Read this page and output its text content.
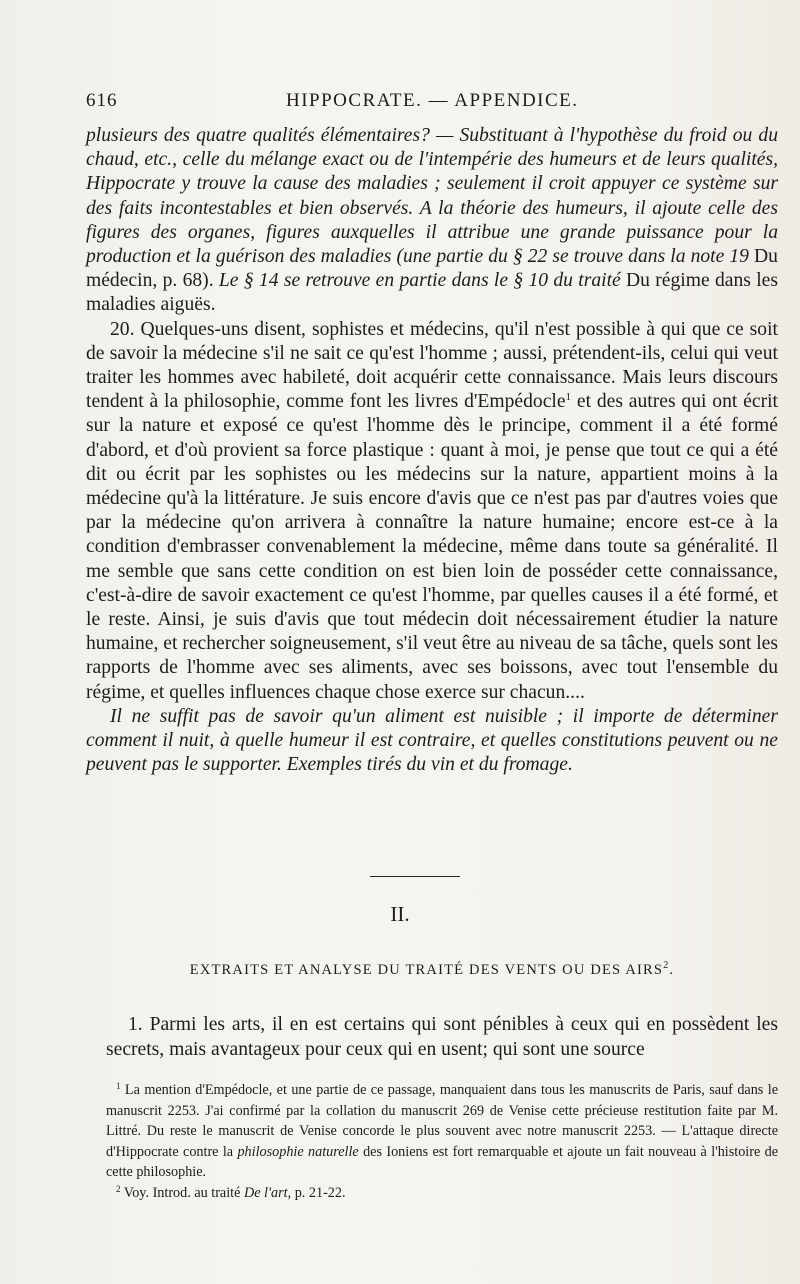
616	HIPPOCRATE. — APPENDICE.

plusieurs des quatre qualités élémentaires? — Substituant à l'hypothèse du froid ou du chaud, etc., celle du mélange exact ou de l'intempérie des humeurs et de leurs qualités, Hippocrate y trouve la cause des maladies ; seulement il croit appuyer ce système sur des faits incontestables et bien observés. A la théorie des humeurs, il ajoute celle des figures des organes, figures auxquelles il attribue une grande puissance pour la production et la guérison des maladies (une partie du § 22 se trouve dans la note 19 Du médecin, p. 68). Le § 14 se retrouve en partie dans le § 10 du traité Du régime dans les maladies aiguës.

20. Quelques-uns disent, sophistes et médecins, qu'il n'est possible à qui que ce soit de savoir la médecine s'il ne sait ce qu'est l'homme ; aussi, prétendent-ils, celui qui veut traiter les hommes avec habileté, doit acquérir cette connaissance. Mais leurs discours tendent à la philosophie, comme font les livres d'Empédocle$^1$ et des autres qui ont écrit sur la nature et exposé ce qu'est l'homme dès le principe, comment il a été formé d'abord, et d'où provient sa force plastique : quant à moi, je pense que tout ce qui a été dit ou écrit par les sophistes ou les médecins sur la nature, appartient moins à la médecine qu'à la littérature. Je suis encore d'avis que ce n'est pas par d'autres voies que par la médecine qu'on arrivera à connaître la nature humaine; encore est-ce à la condition d'embrasser convenablement la médecine, même dans toute sa généralité. Il me semble que sans cette condition on est bien loin de posséder cette connaissance, c'est-à-dire de savoir exactement ce qu'est l'homme, par quelles causes il a été formé, et le reste. Ainsi, je suis d'avis que tout médecin doit nécessairement étudier la nature humaine, et rechercher soigneusement, s'il veut être au niveau de sa tâche, quels sont les rapports de l'homme avec ses aliments, avec ses boissons, avec tout l'ensemble du régime, et quelles influences chaque chose exerce sur chacun....

Il ne suffit pas de savoir qu'un aliment est nuisible ; il importe de déterminer comment il nuit, à quelle humeur il est contraire, et quelles constitutions peuvent ou ne peuvent pas le supporter. Exemples tirés du vin et du fromage.

II.
EXTRAITS ET ANALYSE DU TRAITÉ DES VENTS OU DES AIRS$^2$.

1. Parmi les arts, il en est certains qui sont pénibles à ceux qui en possèdent les secrets, mais avantageux pour ceux qui en usent; qui sont une source

$^1$ La mention d'Empédocle, et une partie de ce passage, manquaient dans tous les manuscrits de Paris, sauf dans le manuscrit 2253. J'ai confirmé par la collation du manuscrit 269 de Venise cette précieuse restitution faite par M. Littré. Du reste le manuscrit de Venise concorde le plus souvent avec notre manuscrit 2253. — L'attaque directe d'Hippocrate contre la philosophie naturelle des Ioniens est fort remarquable et ajoute un fait nouveau à l'histoire de cette philosophie.

$^2$ Voy. Introd. au traité De l'art, p. 21-22.
